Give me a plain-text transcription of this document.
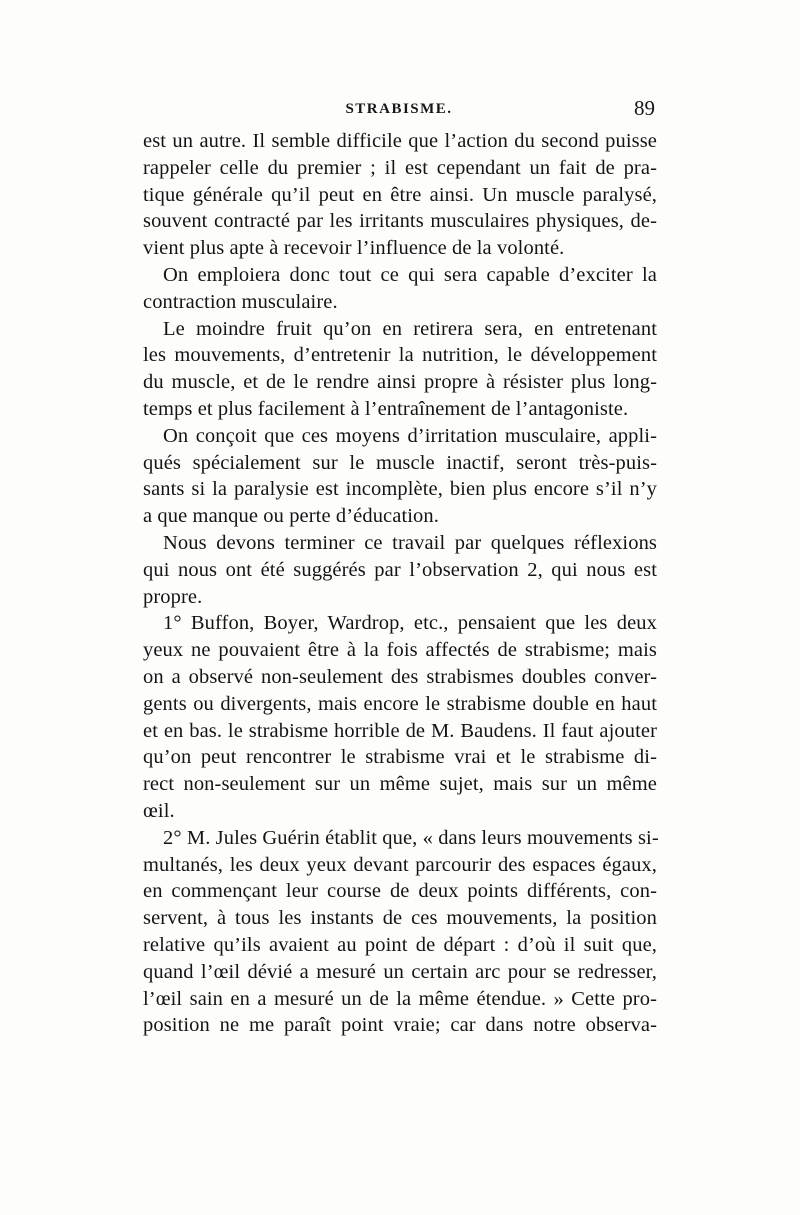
STRABISME.	89
est un autre. Il semble difficile que l’action du second puisse
rappeler celle du premier ; il est cependant un fait de pra-
tique générale qu’il peut en être ainsi. Un muscle paralysé,
souvent contracté par les irritants musculaires physiques, de-
vient plus apte à recevoir l’influence de la volonté.
On emploiera donc tout ce qui sera capable d’exciter la
contraction musculaire.
Le moindre fruit qu’on en retirera sera, en entretenant
les mouvements, d’entretenir la nutrition, le développement
du muscle, et de le rendre ainsi propre à résister plus long-
temps et plus facilement à l’entraînement de l’antagoniste.
On conçoit que ces moyens d’irritation musculaire, appli-
qués spécialement sur le muscle inactif, seront très-puis-
sants si la paralysie est incomplète, bien plus encore s’il n’y
a que manque ou perte d’éducation.
Nous devons terminer ce travail par quelques réflexions
qui nous ont été suggérés par l’observation 2, qui nous est
propre.
1° Buffon, Boyer, Wardrop, etc., pensaient que les deux
yeux ne pouvaient être à la fois affectés de strabisme; mais
on a observé non-seulement des strabismes doubles conver-
gents ou divergents, mais encore le strabisme double en haut
et en bas. le strabisme horrible de M. Baudens. Il faut ajouter
qu’on peut rencontrer le strabisme vrai et le strabisme di-
rect non-seulement sur un même sujet, mais sur un même
œil.
2° M. Jules Guérin établit que, « dans leurs mouvements si-
multanés, les deux yeux devant parcourir des espaces égaux,
en commençant leur course de deux points différents, con-
servent, à tous les instants de ces mouvements, la position
relative qu’ils avaient au point de départ : d’où il suit que,
quand l’œil dévié a mesuré un certain arc pour se redresser,
l’œil sain en a mesuré un de la même étendue. » Cette pro-
position ne me paraît point vraie; car dans notre observa-
